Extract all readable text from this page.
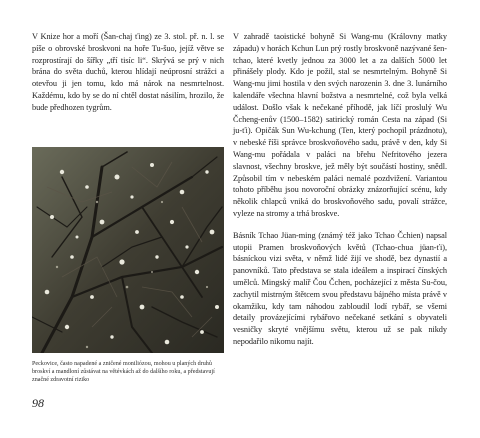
V Knize hor a moří (Šan-chaj ťing) ze 3. stol. př. n. l. se píše o obrovské broskvoni na hoře Tu-šuo, jejíž větve se rozprostírají do šířky „tří tisíc li“. Skrývá se prý v nich brána do světa duchů, kterou hlídají neúprosní strážci a otevřou ji jen tomu, kdo má nárok na nesmrtelnost. Každému, kdo by se do ní chtěl dostat násilím, hrozilo, že bude předhozen tygrům.

Peckovice, často napadené a zničené moniliózou, mohou u planých druhů broskví a mandloní zůstávat na větévkách až do dalšího roku, a představují značné zdravotní riziko

98

V zahradě taoistické bohyně Si Wang-mu (Královny matky západu) v horách Kchun Lun prý rostly broskvoně nazývané šen-tchao, které kvetly jednou za 3000 let a za dalších 5000 let přinášely plody. Kdo je požil, stal se nesmrtelným. Bohyně Si Wang-mu jimi hostila v den svých narozenin 3. dne 3. lunárního kalendáře všechna hlavní božstva a nesmrtelné, což byla velká událost. Došlo však k nečekané příhodě, jak líčí proslulý Wu Čcheng-enův (1500–1582) satirický román Cesta na západ (Si ju-ťi). Opičák Sun Wu-kchung (Ten, který pochopil prázdnotu), v nebeské říši správce broskvoňového sadu, právě v den, kdy Si Wang-mu pořádala v paláci na břehu Nefritového jezera slavnost, všechny broskve, jež měly být součástí hostiny, snědl. Způsobil tím v nebeském paláci nemalé pozdvižení. Variantou tohoto příběhu jsou novoroční obrázky znázorňující scénu, kdy několik chlapců vniká do broskvoňového sadu, povalí strážce, vyleze na stromy a trhá broskve.

Básník Tchao Jüan-ming (známý též jako Tchao Čchien) napsal utopii Pramen broskvoňových květů (Tchao-chua jüan-ťi), básníckou vizi světa, v němž lidé žijí ve shodě, bez dynastií a panovníků. Tato představa se stala ideálem a inspirací čínských umělců. Mingský malíř Čou Čchen, pocházející z města Su-čou, zachytil mistrným štětcem svou představu bájného místa právě v okamžiku, kdy tam náhodou zabloudil lodí rybář, se všemi detaily provázejícími rybářovo nečekané setkání s obyvateli vesničky skryté vnějšímu světu, kterou už se pak nikdy nepodařilo nikomu najít.
